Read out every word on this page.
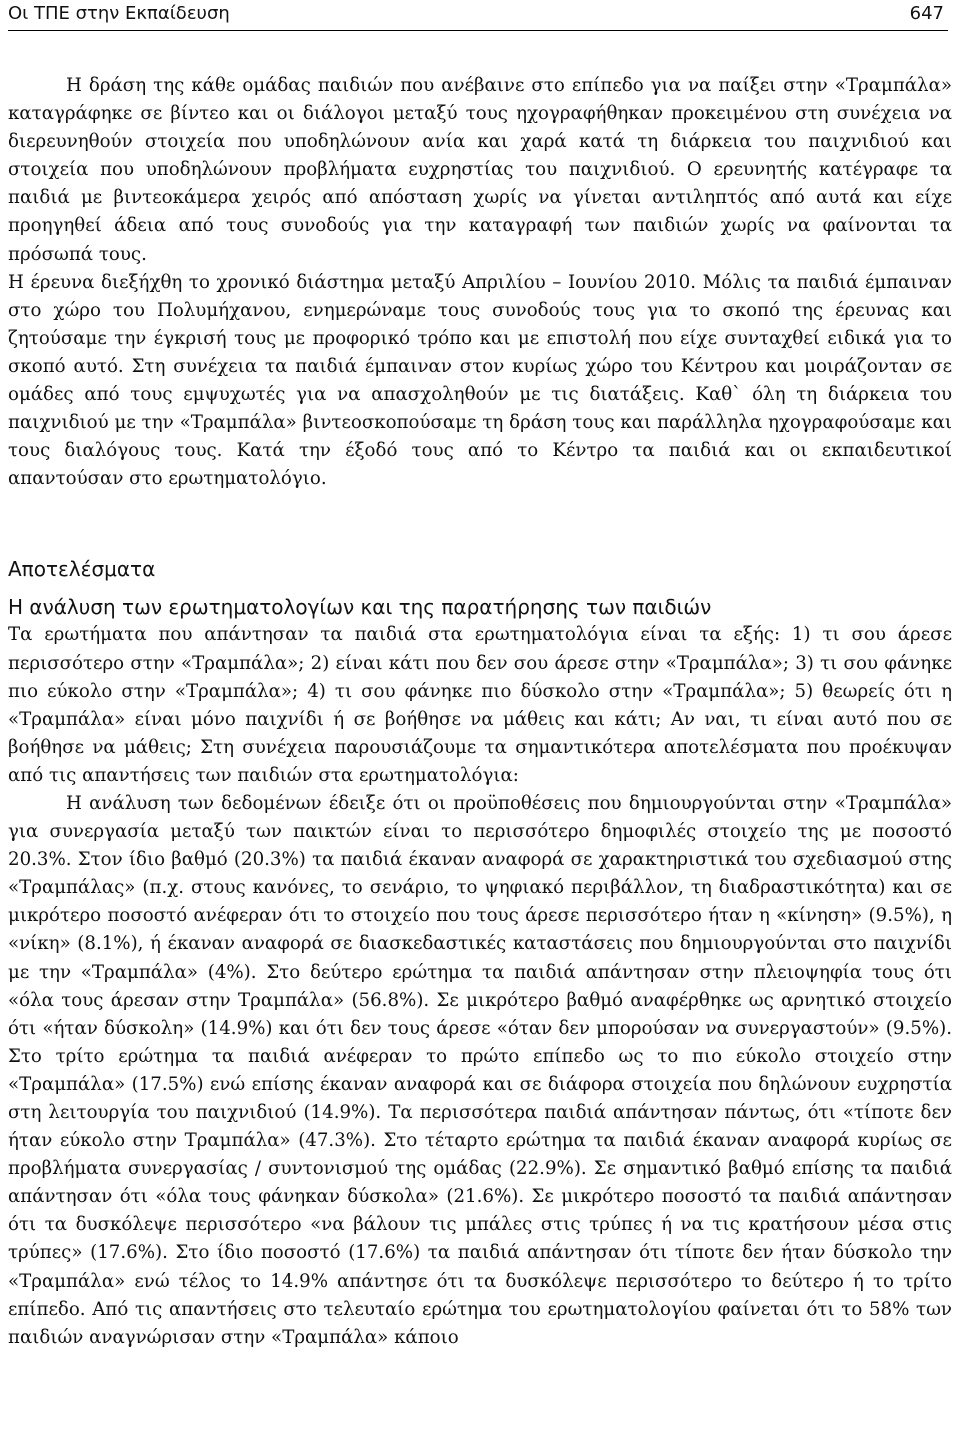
Οι ΤΠΕ στην Εκπαίδευση	647

Η δράση της κάθε ομάδας παιδιών που ανέβαινε στο επίπεδο για να παίξει στην «Τραμπάλα» καταγράφηκε σε βίντεο και οι διάλογοι μεταξύ τους ηχογραφήθηκαν προκειμένου στη συνέχεια να διερευνηθούν στοιχεία που υποδηλώνουν ανία και χαρά κατά τη διάρκεια του παιχνιδιού και στοιχεία που υποδηλώνουν προβλήματα ευχρηστίας του παιχνιδιού. Ο ερευνητής κατέγραφε τα παιδιά με βιντεοκάμερα χειρός από απόσταση χωρίς να γίνεται αντιληπτός από αυτά και είχε προηγηθεί άδεια από τους συνοδούς για την καταγραφή των παιδιών χωρίς να φαίνονται τα πρόσωπά τους.

Η έρευνα διεξήχθη το χρονικό διάστημα μεταξύ Απριλίου – Ιουνίου 2010. Μόλις τα παιδιά έμπαιναν στο χώρο του Πολυμήχανου, ενημερώναμε τους συνοδούς τους για το σκοπό της έρευνας και ζητούσαμε την έγκρισή τους με προφορικό τρόπο και με επιστολή που είχε συνταχθεί ειδικά για το σκοπό αυτό. Στη συνέχεια τα παιδιά έμπαιναν στον κυρίως χώρο του Κέντρου και μοιράζονταν σε ομάδες από τους εμψυχωτές για να απασχοληθούν με τις διατάξεις. Καθ` όλη τη διάρκεια του παιχνιδιού με την «Τραμπάλα» βιντεοσκοπούσαμε τη δράση τους και παράλληλα ηχογραφούσαμε και τους διαλόγους τους. Κατά την έξοδό τους από το Κέντρο τα παιδιά και οι εκπαιδευτικοί απαντούσαν στο ερωτηματολόγιο.

Αποτελέσματα
Η ανάλυση των ερωτηματολογίων και της παρατήρησης των παιδιών

Τα ερωτήματα που απάντησαν τα παιδιά στα ερωτηματολόγια είναι τα εξής: 1) τι σου άρεσε περισσότερο στην «Τραμπάλα»; 2) είναι κάτι που δεν σου άρεσε στην «Τραμπάλα»; 3) τι σου φάνηκε πιο εύκολο στην «Τραμπάλα»; 4) τι σου φάνηκε πιο δύσκολο στην «Τραμπάλα»; 5) θεωρείς ότι η «Τραμπάλα» είναι μόνο παιχνίδι ή σε βοήθησε να μάθεις και κάτι; Αν ναι, τι είναι αυτό που σε βοήθησε να μάθεις; Στη συνέχεια παρουσιάζουμε τα σημαντικότερα αποτελέσματα που προέκυψαν από τις απαντήσεις των παιδιών στα ερωτηματολόγια:

Η ανάλυση των δεδομένων έδειξε ότι οι προϋποθέσεις που δημιουργούνται στην «Τραμπάλα» για συνεργασία μεταξύ των παικτών είναι το περισσότερο δημοφιλές στοιχείο της με ποσοστό 20.3%. Στον ίδιο βαθμό (20.3%) τα παιδιά έκαναν αναφορά σε χαρακτηριστικά του σχεδιασμού στης «Τραμπάλας» (π.χ. στους κανόνες, το σενάριο, το ψηφιακό περιβάλλον, τη διαδραστικότητα) και σε μικρότερο ποσοστό ανέφεραν ότι το στοιχείο που τους άρεσε περισσότερο ήταν η «κίνηση» (9.5%), η «νίκη» (8.1%), ή έκαναν αναφορά σε διασκεδαστικές καταστάσεις που δημιουργούνται στο παιχνίδι με την «Τραμπάλα» (4%). Στο δεύτερο ερώτημα τα παιδιά απάντησαν στην πλειοψηφία τους ότι «όλα τους άρεσαν στην Τραμπάλα» (56.8%). Σε μικρότερο βαθμό αναφέρθηκε ως αρνητικό στοιχείο ότι «ήταν δύσκολη» (14.9%) και ότι δεν τους άρεσε «όταν δεν μπορούσαν να συνεργαστούν» (9.5%). Στο τρίτο ερώτημα τα παιδιά ανέφεραν το πρώτο επίπεδο ως το πιο εύκολο στοιχείο στην «Τραμπάλα» (17.5%) ενώ επίσης έκαναν αναφορά και σε διάφορα στοιχεία που δηλώνουν ευχρηστία στη λειτουργία του παιχνιδιού (14.9%). Τα περισσότερα παιδιά απάντησαν πάντως, ότι «τίποτε δεν ήταν εύκολο στην Τραμπάλα» (47.3%). Στο τέταρτο ερώτημα τα παιδιά έκαναν αναφορά κυρίως σε προβλήματα συνεργασίας / συντονισμού της ομάδας (22.9%). Σε σημαντικό βαθμό επίσης τα παιδιά απάντησαν ότι «όλα τους φάνηκαν δύσκολα» (21.6%). Σε μικρότερο ποσοστό τα παιδιά απάντησαν ότι τα δυσκόλεψε περισσότερο «να βάλουν τις μπάλες στις τρύπες ή να τις κρατήσουν μέσα στις τρύπες» (17.6%). Στο ίδιο ποσοστό (17.6%) τα παιδιά απάντησαν ότι τίποτε δεν ήταν δύσκολο την «Τραμπάλα» ενώ τέλος το 14.9% απάντησε ότι τα δυσκόλεψε περισσότερο το δεύτερο ή το τρίτο επίπεδο. Από τις απαντήσεις στο τελευταίο ερώτημα του ερωτηματολογίου φαίνεται ότι το 58% των παιδιών αναγνώρισαν στην «Τραμπάλα» κάποιο
